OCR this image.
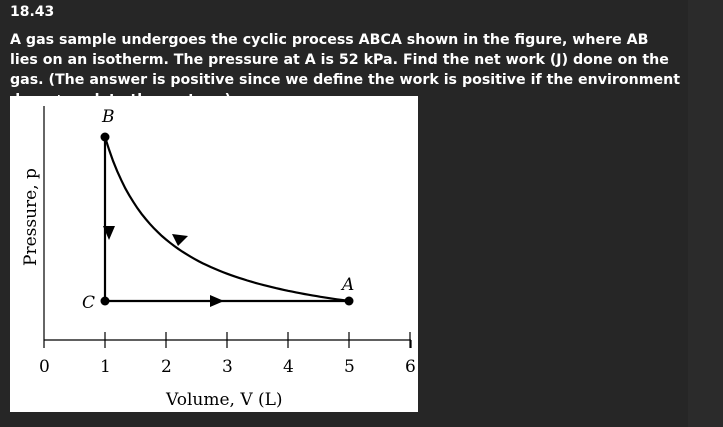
18.43
A gas sample undergoes the cyclic process ABCA shown in the figure, where AB lies on an isotherm. The pressure at A is 52 kPa. Find the net work (J) done on the gas. (The answer is positive since we define the work is positive if the environment
0	1	2	3	4	5	6
A
B
C
Pressure, p
Volume, V (L)
